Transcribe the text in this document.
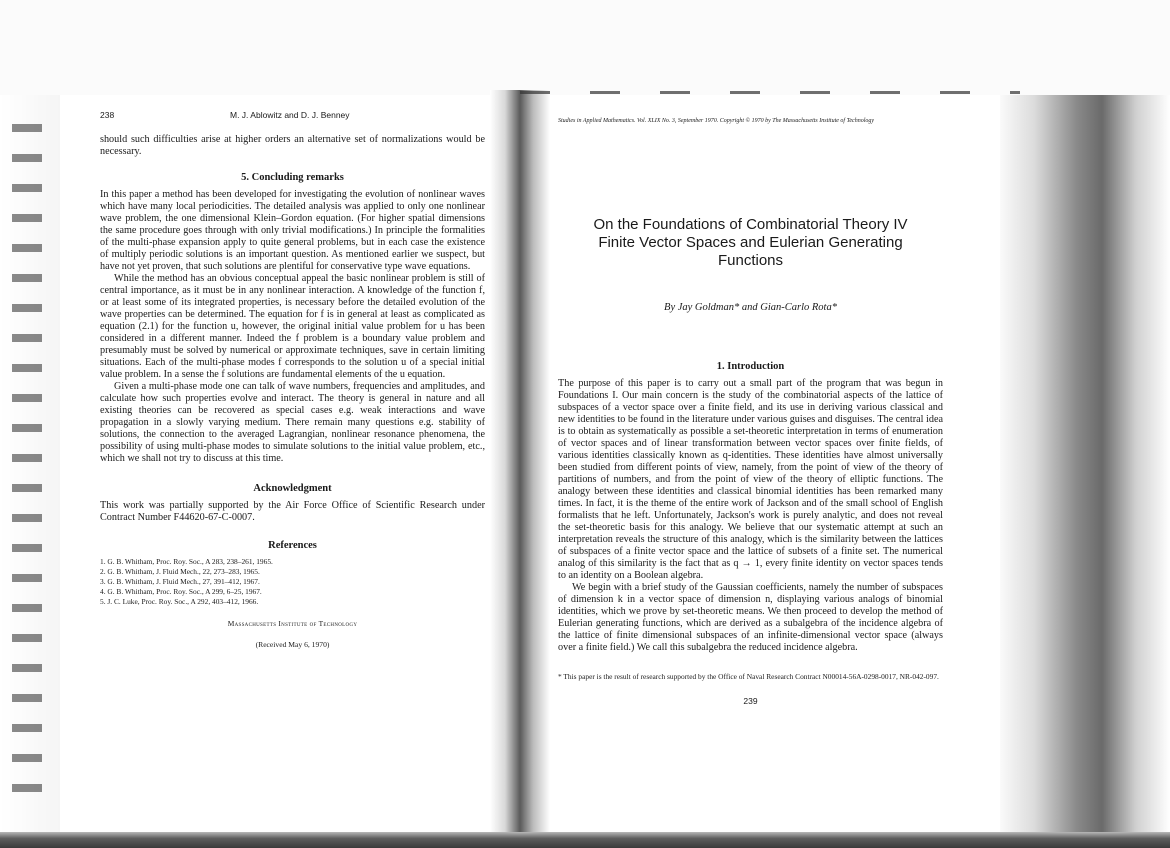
238	M. J. Ablowitz and D. J. Benney

should such difficulties arise at higher orders an alternative set of normalizations would be necessary.

5. Concluding remarks

In this paper a method has been developed for investigating the evolution of nonlinear waves which have many local periodicities. The detailed analysis was applied to only one nonlinear wave problem, the one dimensional Klein–Gordon equation. (For higher spatial dimensions the same procedure goes through with only trivial modifications.) In principle the formalities of the multi-phase expansion apply to quite general problems, but in each case the existence of multiply periodic solutions is an important question. As mentioned earlier we suspect, but have not yet proven, that such solutions are plentiful for conservative type wave equations.

While the method has an obvious conceptual appeal the basic nonlinear problem is still of central importance, as it must be in any nonlinear interaction. A knowledge of the function f, or at least some of its integrated properties, is necessary before the detailed evolution of the wave properties can be determined. The equation for f is in general at least as complicated as equation (2.1) for the function u, however, the original initial value problem for u has been considered in a different manner. Indeed the f problem is a boundary value problem and presumably must be solved by numerical or approximate techniques, save in certain limiting situations. Each of the multi-phase modes f corresponds to the solution u of a special initial value problem. In a sense the f solutions are fundamental elements of the u equation.

Given a multi-phase mode one can talk of wave numbers, frequencies and amplitudes, and calculate how such properties evolve and interact. The theory is general in nature and all existing theories can be recovered as special cases e.g. weak interactions and wave propagation in a slowly varying medium. There remain many questions e.g. stability of solutions, the connection to the averaged Lagrangian, nonlinear resonance phenomena, the possibility of using multi-phase modes to simulate solutions to the initial value problem, etc., which we shall not try to discuss at this time.

Acknowledgment

This work was partially supported by the Air Force Office of Scientific Research under Contract Number F44620-67-C-0007.

References
1. G. B. Whitham, Proc. Roy. Soc., A 283, 238–261, 1965.
2. G. B. Whitham, J. Fluid Mech., 22, 273–283, 1965.
3. G. B. Whitham, J. Fluid Mech., 27, 391–412, 1967.
4. G. B. Whitham, Proc. Roy. Soc., A 299, 6–25, 1967.
5. J. C. Luke, Proc. Roy. Soc., A 292, 403–412, 1966.
Massachusetts Institute of Technology
(Received May 6, 1970)
Studies in Applied Mathematics. Vol. XLIX No. 3, September 1970. Copyright © 1970 by The Massachusetts Institute of Technology
On the Foundations of Combinatorial Theory IV
Finite Vector Spaces and Eulerian Generating
Functions
By Jay Goldman* and Gian-Carlo Rota*
1. Introduction

The purpose of this paper is to carry out a small part of the program that was begun in Foundations I. Our main concern is the study of the combinatorial aspects of the lattice of subspaces of a vector space over a finite field, and its use in deriving various classical and new identities to be found in the literature under various guises and disguises. The central idea is to obtain as systematically as possible a set-theoretic interpretation in terms of enumeration of vector spaces and of linear transformation between vector spaces over finite fields, of various identities classically known as q-identities. These identities have almost universally been studied from different points of view, namely, from the point of view of the theory of partitions of numbers, and from the point of view of the theory of elliptic functions. The analogy between these identities and classical binomial identities has been remarked many times. In fact, it is the theme of the entire work of Jackson and of the small school of English formalists that he left. Unfortunately, Jackson's work is purely analytic, and does not reveal the set-theoretic basis for this analogy. We believe that our systematic attempt at such an interpretation reveals the structure of this analogy, which is the similarity between the lattices of subspaces of a finite vector space and the lattice of subsets of a finite set. The numerical analog of this similarity is the fact that as q → 1, every finite identity on vector spaces tends to an identity on a Boolean algebra.

We begin with a brief study of the Gaussian coefficients, namely the number of subspaces of dimension k in a vector space of dimension n, displaying various analogs of binomial identities, which we prove by set-theoretic means. We then proceed to develop the method of Eulerian generating functions, which are derived as a subalgebra of the incidence algebra of the lattice of finite dimensional subspaces of an infinite-dimensional vector space (always over a finite field.) We call this subalgebra the reduced incidence algebra.

* This paper is the result of research supported by the Office of Naval Research Contract N00014-56A-0298-0017, NR-042-097.
239
